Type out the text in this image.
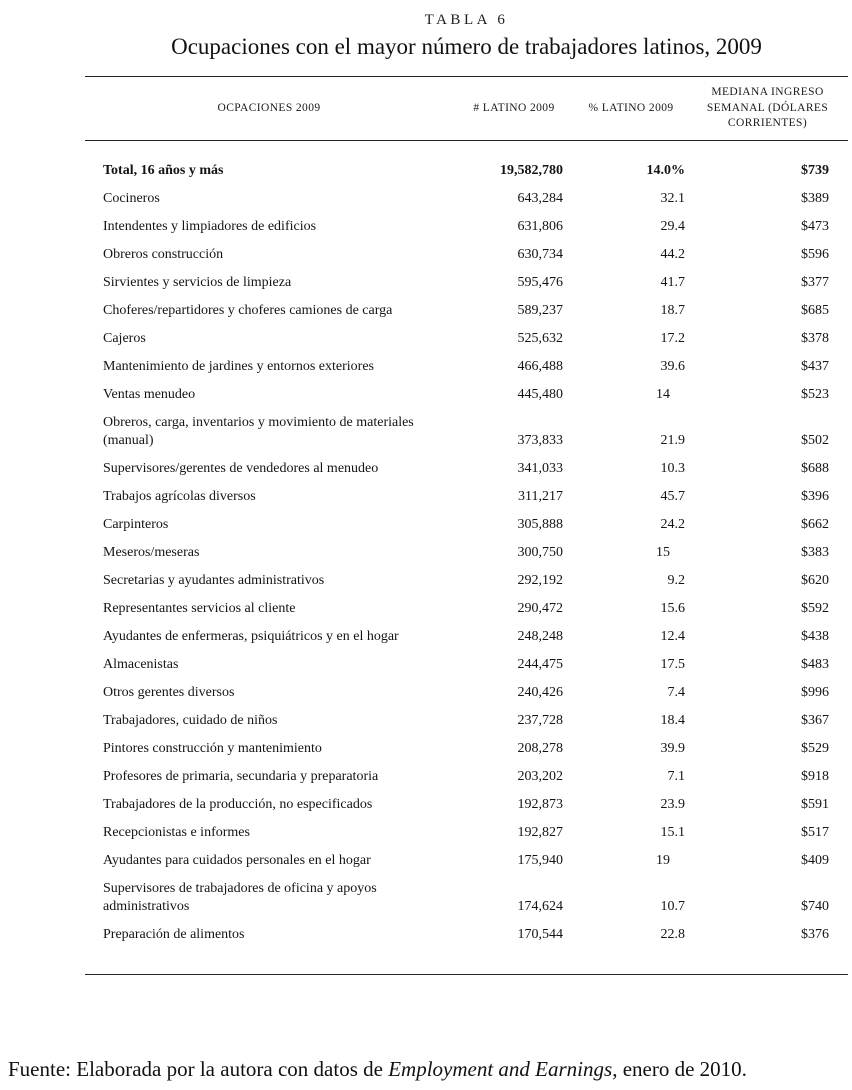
TABLA 6
Ocupaciones con el mayor número de trabajadores latinos, 2009
OCPACIONES 2009	# LATINO 2009	% LATINO 2009	MEDIANA INGRESO SEMANAL (DÓLARES CORRIENTES)
Total, 16 años y más	19,582,780	14.0%	$739
Cocineros	643,284	32.1	$389
Intendentes y limpiadores de edificios	631,806	29.4	$473
Obreros construcción	630,734	44.2	$596
Sirvientes y servicios de limpieza	595,476	41.7	$377
Choferes/repartidores y choferes camiones de carga	589,237	18.7	$685
Cajeros	525,632	17.2	$378
Mantenimiento de jardines y entornos exteriores	466,488	39.6	$437
Ventas menudeo	445,480	14	$523
Obreros, carga, inventarios y movimiento de materiales (manual)	373,833	21.9	$502
Supervisores/gerentes de vendedores al menudeo	341,033	10.3	$688
Trabajos agrícolas diversos	311,217	45.7	$396
Carpinteros	305,888	24.2	$662
Meseros/meseras	300,750	15	$383
Secretarias y ayudantes administrativos	292,192	9.2	$620
Representantes servicios al cliente	290,472	15.6	$592
Ayudantes de enfermeras, psiquiátricos y en el hogar	248,248	12.4	$438
Almacenistas	244,475	17.5	$483
Otros gerentes diversos	240,426	7.4	$996
Trabajadores, cuidado de niños	237,728	18.4	$367
Pintores construcción y mantenimiento	208,278	39.9	$529
Profesores de primaria, secundaria y preparatoria	203,202	7.1	$918
Trabajadores de la producción, no especificados	192,873	23.9	$591
Recepcionistas e informes	192,827	15.1	$517
Ayudantes para cuidados personales en el hogar	175,940	19	$409
Supervisores de trabajadores de oficina y apoyos administrativos	174,624	10.7	$740
Preparación de alimentos	170,544	22.8	$376
Fuente: Elaborada por la autora con datos de Employment and Earnings, enero de 2010.
